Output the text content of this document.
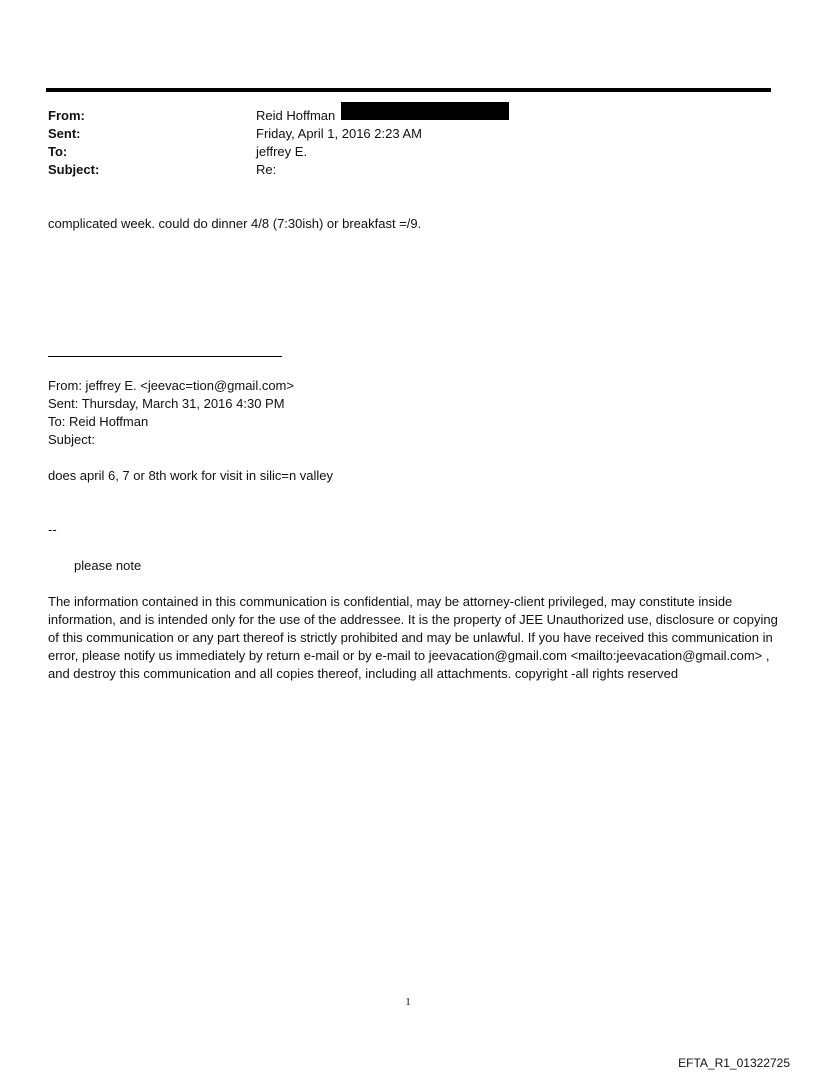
From:	Reid Hoffman
Sent:	Friday, April 1, 2016 2:23 AM
To:	jeffrey E.
Subject:	Re:
complicated week. could do dinner 4/8 (7:30ish) or breakfast =/9.
From: jeffrey E. <jeevac=tion@gmail.com>
Sent: Thursday, March 31, 2016 4:30 PM
To: Reid Hoffman
Subject:
does april 6, 7 or 8th work for visit in silic=n valley
--
please note
The information contained in this communication is confidential, may be attorney-client privileged, may constitute inside information, and is intended only for the use of the addressee. It is the property of JEE Unauthorized use, disclosure or copying of this communication or any part thereof is strictly prohibited and may be unlawful. If you have received this communication in error, please notify us immediately by return e-mail or by e-mail to jeevacation@gmail.com <mailto:jeevacation@gmail.com> , and destroy this communication and all copies thereof, including all attachments. copyright -all rights reserved
1
EFTA_R1_01322725
